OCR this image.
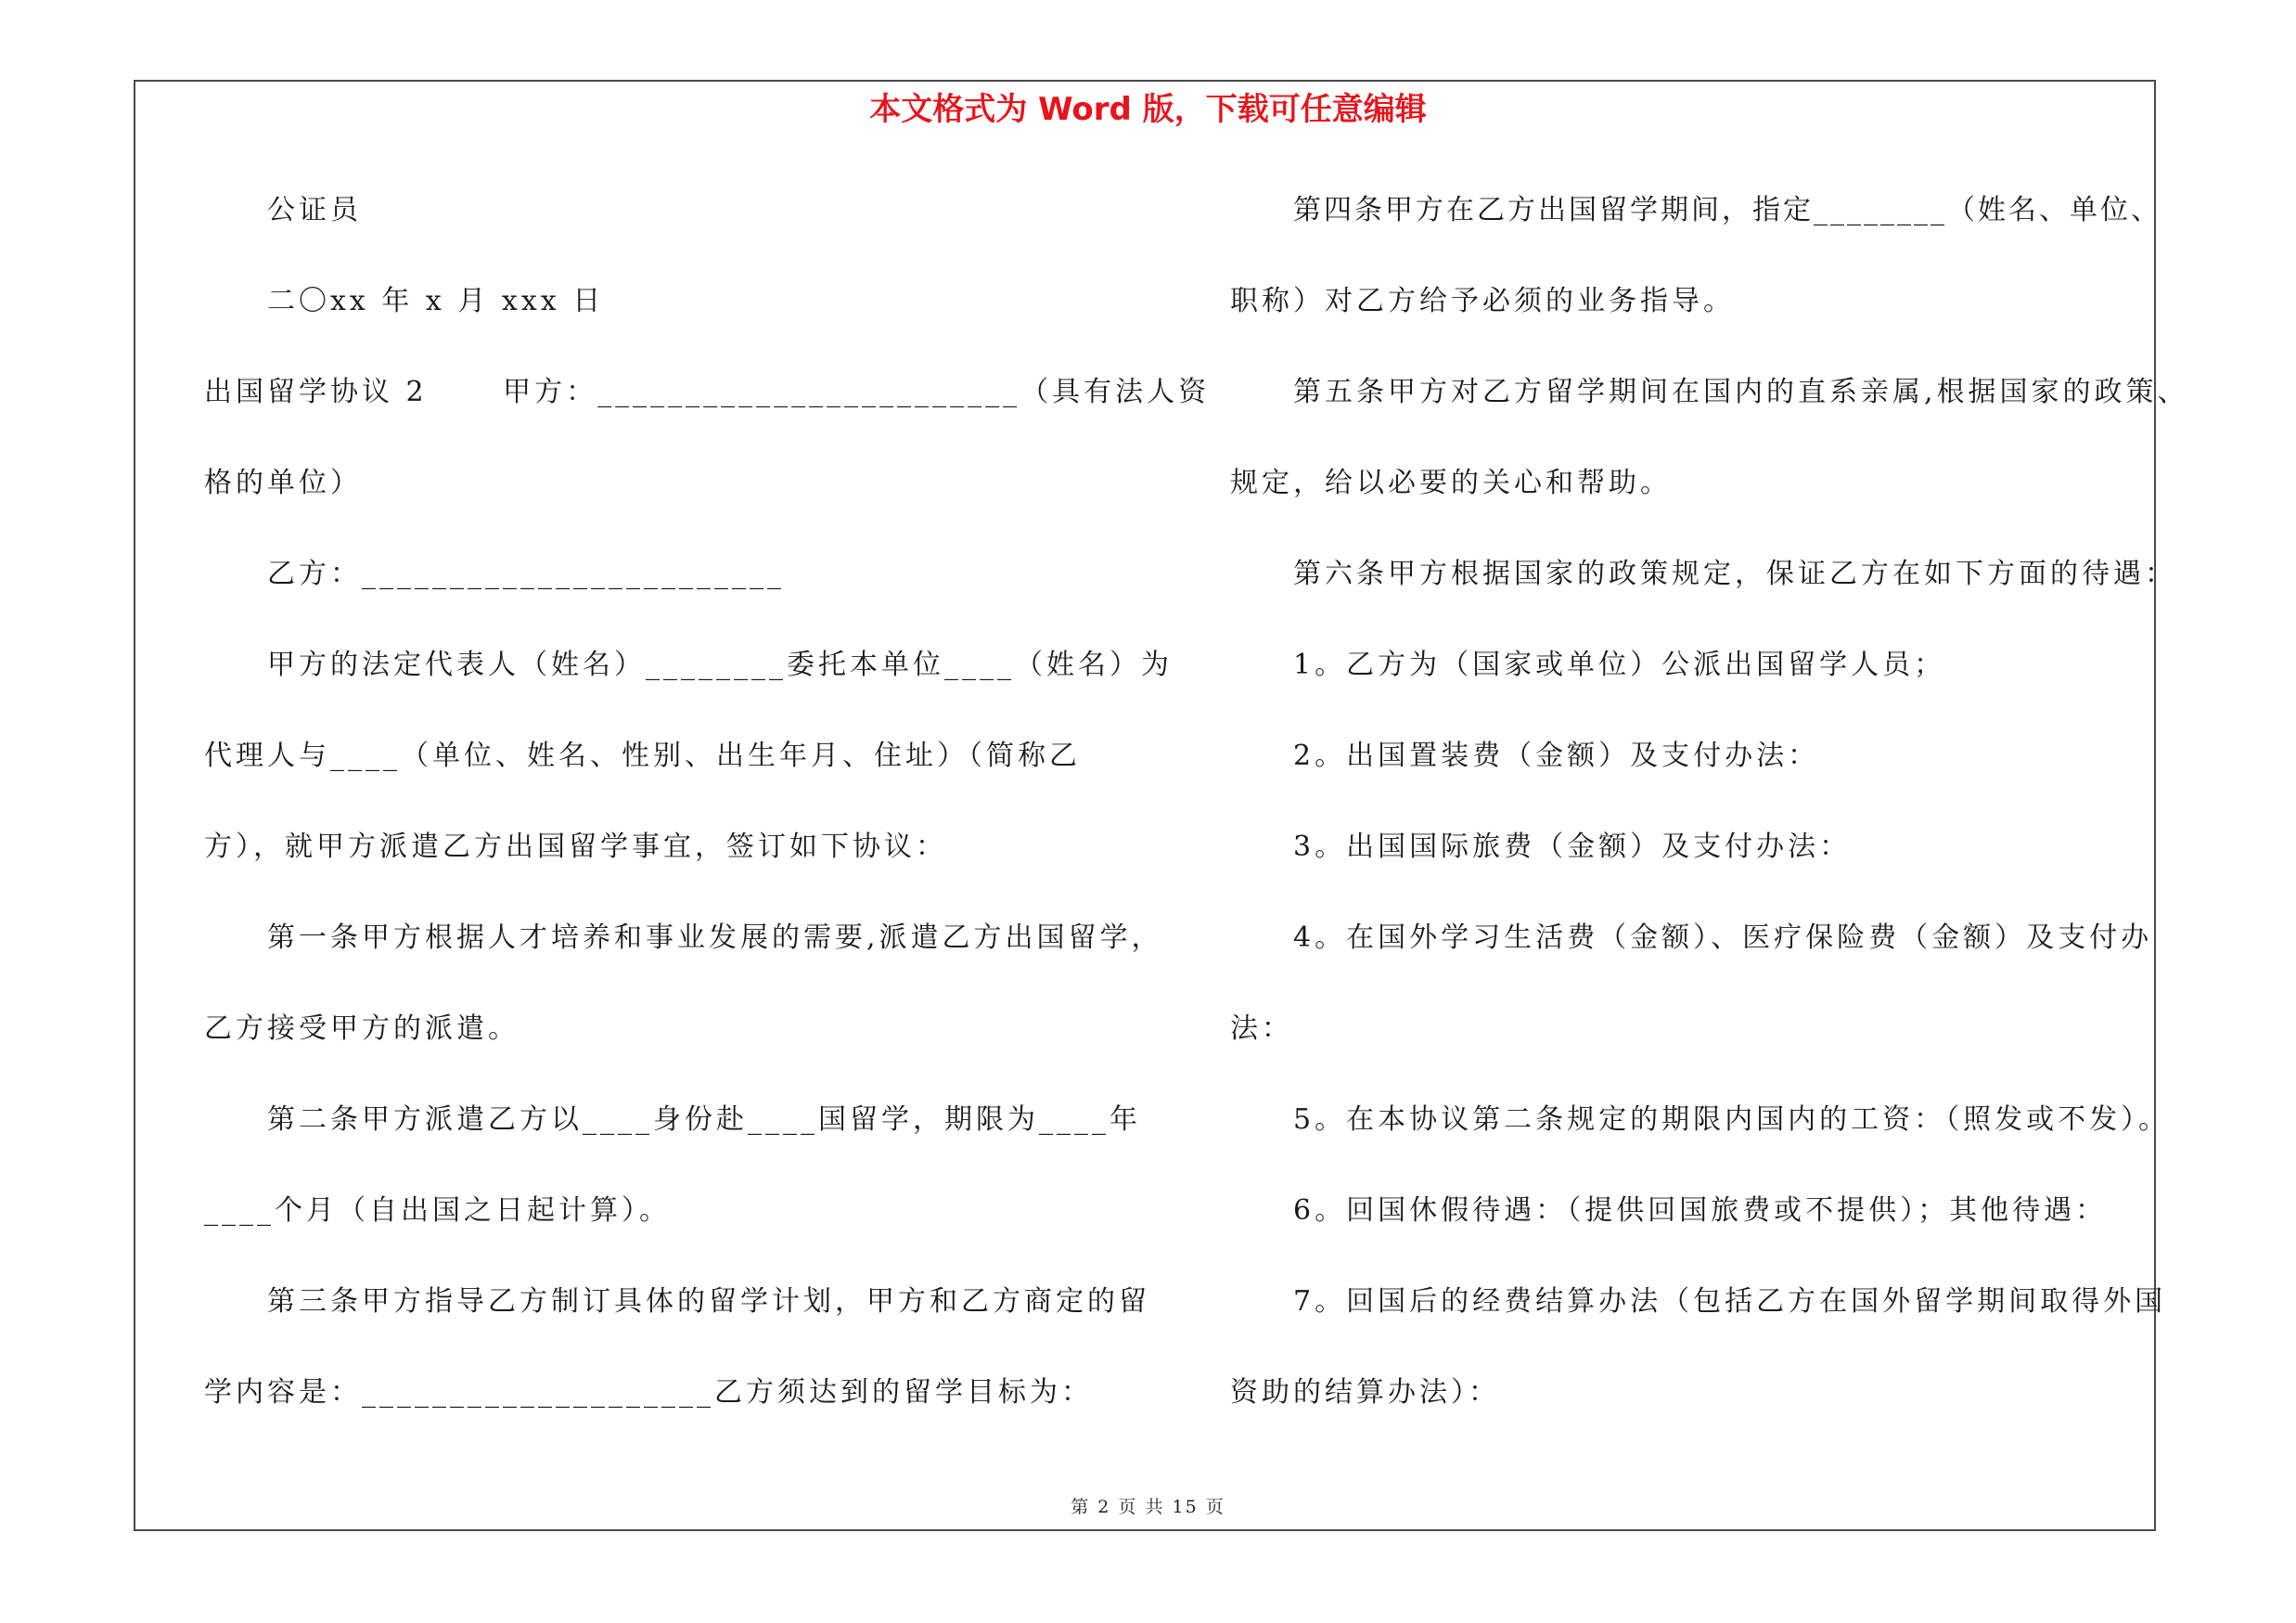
本文格式为 Word 版，下载可任意编辑
公证员
二〇xx 年 x 月 xxx 日
出国留学协议 2　　 甲方：________________________（具有法人资
格的单位）
乙方：________________________
甲方的法定代表人（姓名）________委托本单位____（姓名）为
代理人与____（单位、姓名、性别、出生年月、住址）（简称乙
方），就甲方派遣乙方出国留学事宜，签订如下协议：
第一条甲方根据人才培养和事业发展的需要,派遣乙方出国留学，
乙方接受甲方的派遣。
第二条甲方派遣乙方以____身份赴____国留学，期限为____年
____个月（自出国之日起计算）。
第三条甲方指导乙方制订具体的留学计划，甲方和乙方商定的留
学内容是：____________________乙方须达到的留学目标为：
第四条甲方在乙方出国留学期间，指定________（姓名、单位、
职称）对乙方给予必须的业务指导。
第五条甲方对乙方留学期间在国内的直系亲属,根据国家的政策、
规定，给以必要的关心和帮助。
第六条甲方根据国家的政策规定，保证乙方在如下方面的待遇：
1。乙方为（国家或单位）公派出国留学人员；
2。出国置装费（金额）及支付办法：
3。出国国际旅费（金额）及支付办法：
4。在国外学习生活费（金额）、医疗保险费（金额）及支付办
法：
5。在本协议第二条规定的期限内国内的工资：（照发或不发）。
6。回国休假待遇：（提供回国旅费或不提供）；其他待遇：
7。回国后的经费结算办法（包括乙方在国外留学期间取得外国
资助的结算办法）：
第 2 页 共 15 页
